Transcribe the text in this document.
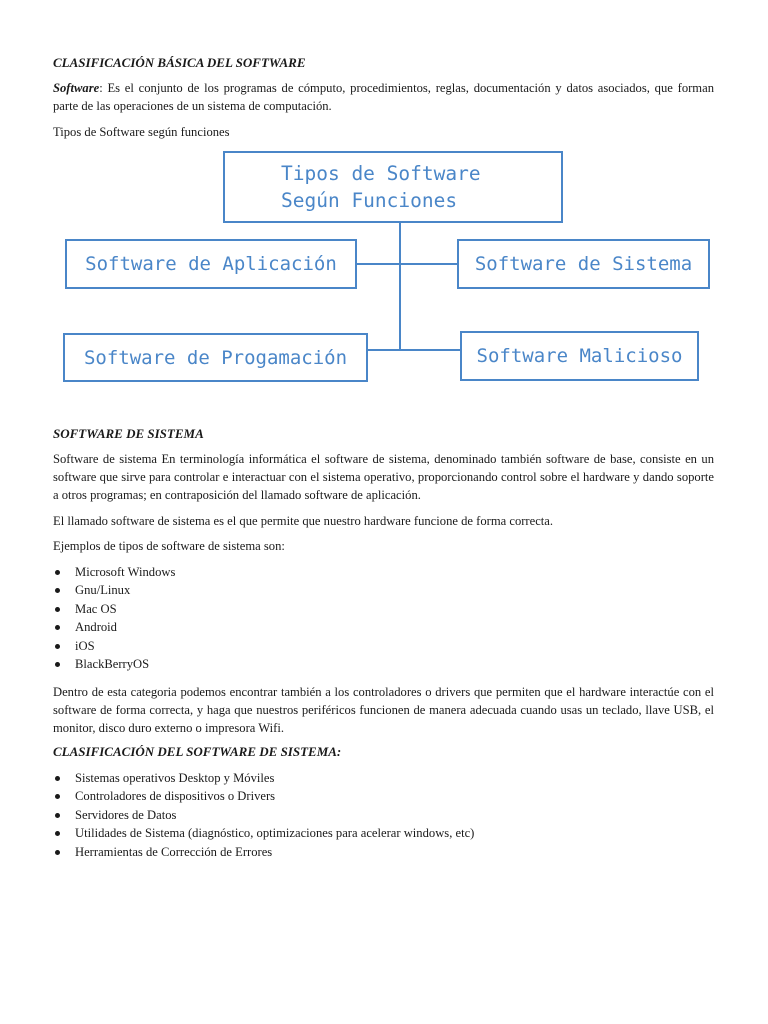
CLASIFICACIÓN BÁSICA DEL SOFTWARE

Software: Es el conjunto de los programas de cómputo, procedimientos, reglas, documentación y datos asociados, que forman parte de las operaciones de un sistema de computación.

Tipos de Software según funciones

Tipos de Software
Según Funciones
Software de Aplicación	Software de Sistema
Software de Progamación	Software Malicioso
SOFTWARE DE SISTEMA

Software de sistema En terminología informática el software de sistema, denominado también software de base, consiste en un software que sirve para controlar e interactuar con el sistema operativo, proporcionando control sobre el hardware y dando soporte a otros programas; en contraposición del llamado software de aplicación.

El llamado software de sistema es el que permite que nuestro hardware funcione de forma correcta.

Ejemplos de tipos de software de sistema son:

Microsoft Windows
Gnu/Linux
Mac OS
Android
iOS
BlackBerryOS

Dentro de esta categoria podemos encontrar también a los controladores o drivers que permiten que el hardware interactúe con el software de forma correcta, y haga que nuestros periféricos funcionen de manera adecuada cuando usas un teclado, llave USB, el monitor, disco duro externo o impresora Wifi.

CLASIFICACIÓN DEL SOFTWARE DE SISTEMA:
Sistemas operativos Desktop y Móviles
Controladores de dispositivos o Drivers
Servidores de Datos
Utilidades de Sistema (diagnóstico, optimizaciones para acelerar windows, etc)
Herramientas de Corrección de Errores
